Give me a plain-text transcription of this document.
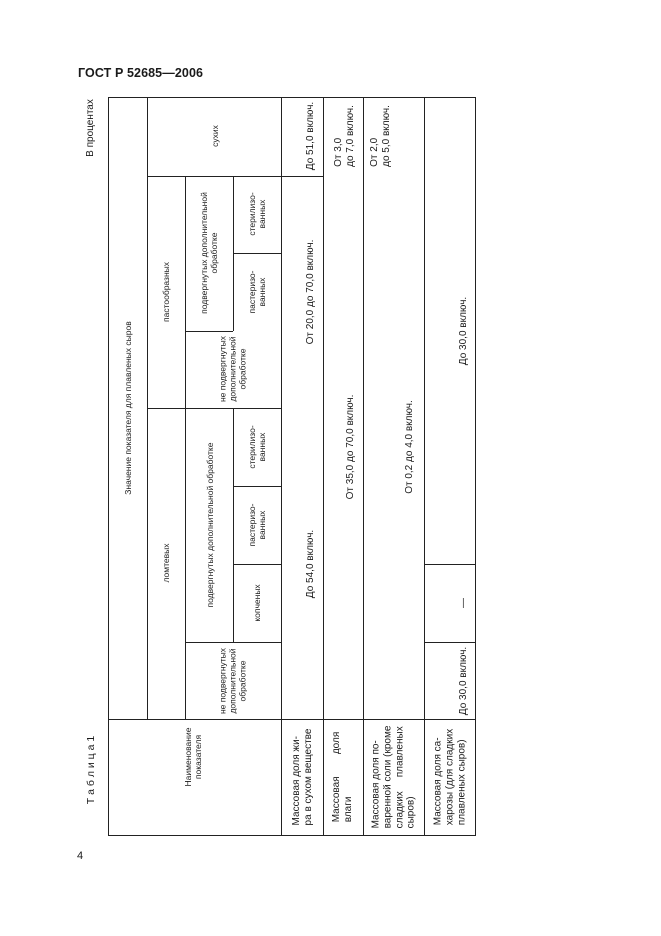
ГОСТ Р 52685—2006
Т а б л и ц а 1
В процентах
Наименование
показателя
Значение показателя для плавленых сыров
ломтевых
пастообразных
сухих
не подвергнутых
дополнительной
обработке
подвергнутых дополнительной обработке	копченых
пастеризо-
ванных
стерилизо-
ванных
не подвергнутых
дополнительной
обработке
подвергнутых дополнительной
обработке
пастеризо-
ванных
стерилизо-
ванных
Массовая доля жи-
ра в сухом веществе
Массовая        доля
влаги Массовая доля по-
варенной соли (кроме
сладких     плавленых
сыров) Массовая доля са-
харозы (для сладких
плавленых сыров)
До 54,0 включ.
От 20,0 до 70,0 включ.
До 51,0 включ.
От 35,0 до 70,0 включ.
От 3,0
до 7,0 включ.
От 0,2 до 4,0 включ.
От 2,0
до 5,0 включ.
До 30,0 включ.
—
До 30,0 включ.
4
